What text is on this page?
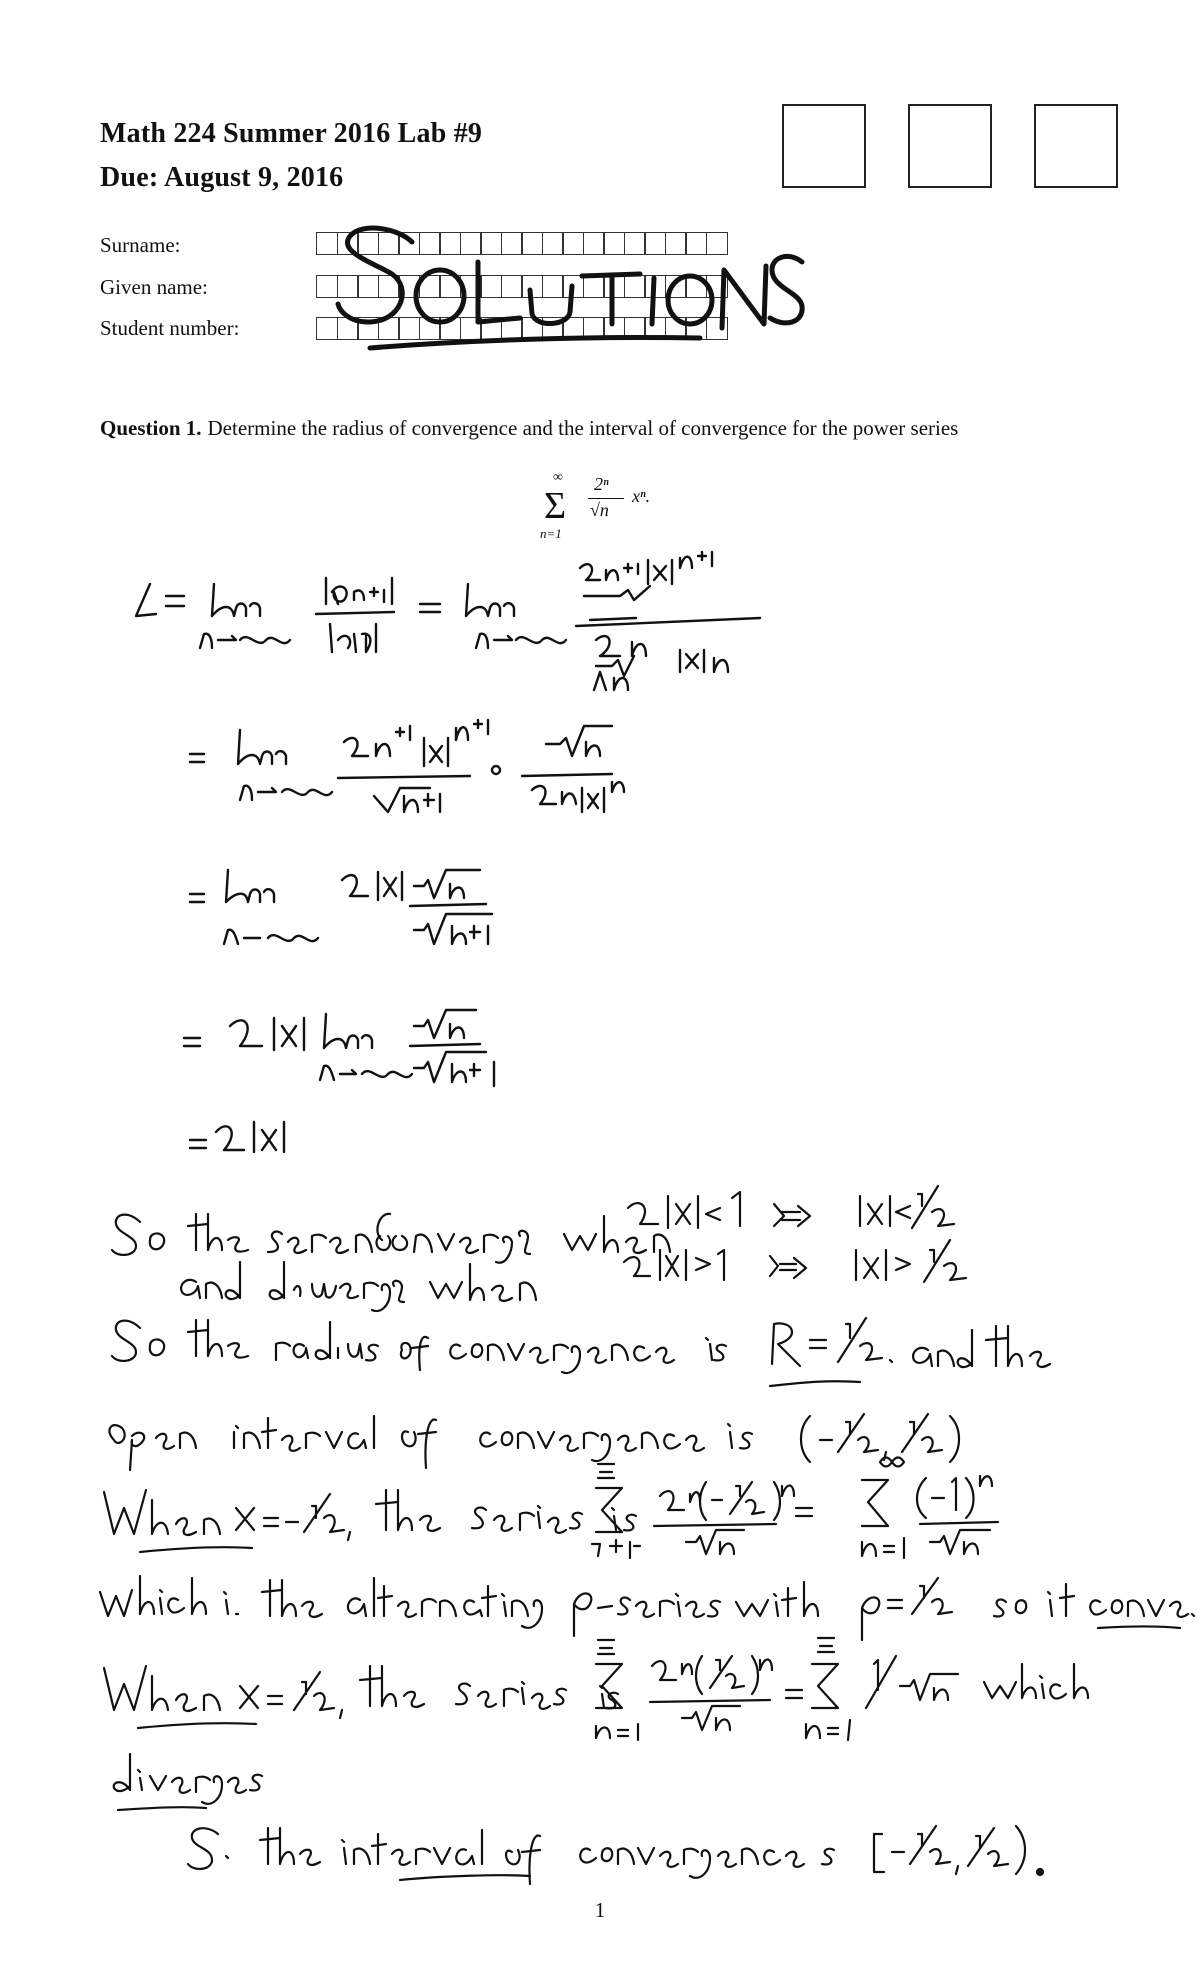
Math 224 Summer 2016 Lab #9
Due: August 9, 2016
Surname:
Given name:
Student number:
Question 1. Determine the radius of convergence and the interval of convergence for the power series
∞
Σ
n=1
2ⁿ
√n
xⁿ.
1
